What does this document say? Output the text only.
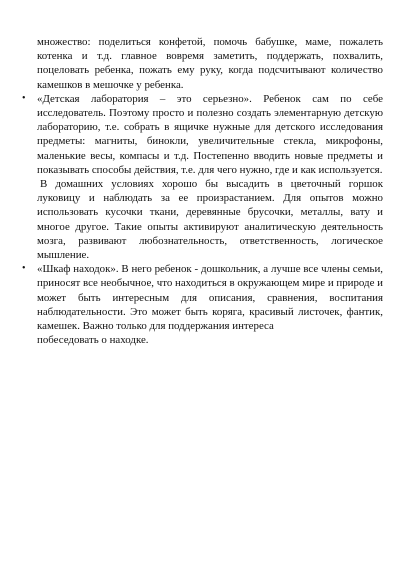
множество: поделиться конфетой, помочь бабушке, маме, пожалеть котенка и т.д. главное вовремя заметить, поддержать, похвалить, поцеловать ребенка, пожать ему руку, когда подсчитывают количество камешков в мешочке у ребенка.

• «Детская лаборатория – это серьезно». Ребенок сам по себе исследователь. Поэтому просто и полезно создать элементарную детскую лабораторию, т.е. собрать в ящичке нужные для детского исследования предметы: магниты, бинокли, увеличительные стекла, микрофоны, маленькие весы, компасы и т.д. Постепенно вводить новые предметы и показывать способы действия, т.е. для чего нужно, где и как используется.

В домашних условиях хорошо бы высадить в цветочный горшок луковицу и наблюдать за ее произрастанием. Для опытов можно использовать кусочки ткани, деревянные брусочки, металлы, вату и многое другое. Такие опыты активируют аналитическую деятельность мозга, развивают любознательность, ответственность, логическое мышление.

• «Шкаф находок». В него ребенок - дошкольник, а лучше все члены семьи, приносят все необычное, что находиться в окружающем мире и природе и может быть интересным для описания, сравнения, воспитания наблюдательности. Это может быть коряга, красивый листочек, фантик, камешек. Важно только для поддержания интереса

побеседовать о находке.
